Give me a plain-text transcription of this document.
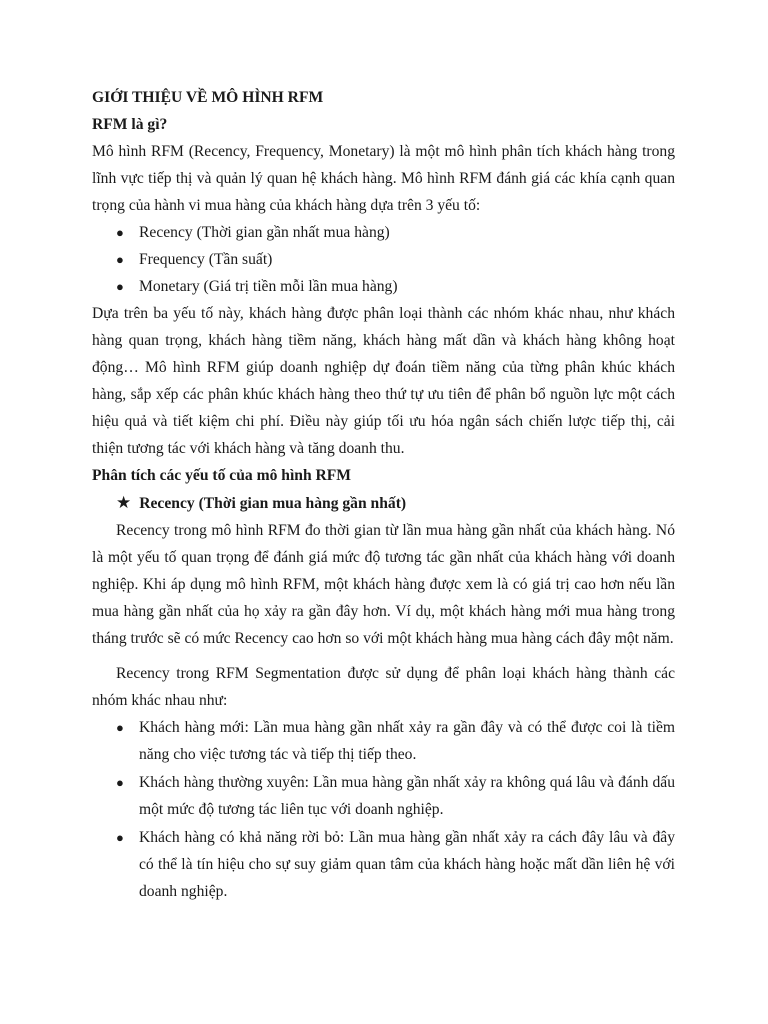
GIỚI THIỆU VỀ MÔ HÌNH RFM

RFM là gì?

Mô hình RFM (Recency, Frequency, Monetary) là một mô hình phân tích khách hàng trong lĩnh vực tiếp thị và quản lý quan hệ khách hàng. Mô hình RFM đánh giá các khía cạnh quan trọng của hành vi mua hàng của khách hàng dựa trên 3 yếu tố:

● Recency (Thời gian gần nhất mua hàng)
● Frequency (Tần suất)
● Monetary (Giá trị tiền mỗi lần mua hàng)

Dựa trên ba yếu tố này, khách hàng được phân loại thành các nhóm khác nhau, như khách hàng quan trọng, khách hàng tiềm năng, khách hàng mất dần và khách hàng không hoạt động… Mô hình RFM giúp doanh nghiệp dự đoán tiềm năng của từng phân khúc khách hàng, sắp xếp các phân khúc khách hàng theo thứ tự ưu tiên để phân bổ nguồn lực một cách hiệu quả và tiết kiệm chi phí. Điều này giúp tối ưu hóa ngân sách chiến lược tiếp thị, cải thiện tương tác với khách hàng và tăng doanh thu.

Phân tích các yếu tố của mô hình RFM

★ Recency (Thời gian mua hàng gần nhất)

Recency trong mô hình RFM đo thời gian từ lần mua hàng gần nhất của khách hàng. Nó là một yếu tố quan trọng để đánh giá mức độ tương tác gần nhất của khách hàng với doanh nghiệp. Khi áp dụng mô hình RFM, một khách hàng được xem là có giá trị cao hơn nếu lần mua hàng gần nhất của họ xảy ra gần đây hơn. Ví dụ, một khách hàng mới mua hàng trong tháng trước sẽ có mức Recency cao hơn so với một khách hàng mua hàng cách đây một năm.

Recency trong RFM Segmentation được sử dụng để phân loại khách hàng thành các nhóm khác nhau như:

● Khách hàng mới: Lần mua hàng gần nhất xảy ra gần đây và có thể được coi là tiềm năng cho việc tương tác và tiếp thị tiếp theo.
● Khách hàng thường xuyên: Lần mua hàng gần nhất xảy ra không quá lâu và đánh dấu một mức độ tương tác liên tục với doanh nghiệp.
● Khách hàng có khả năng rời bỏ: Lần mua hàng gần nhất xảy ra cách đây lâu và đây có thể là tín hiệu cho sự suy giảm quan tâm của khách hàng hoặc mất dần liên hệ với doanh nghiệp.
